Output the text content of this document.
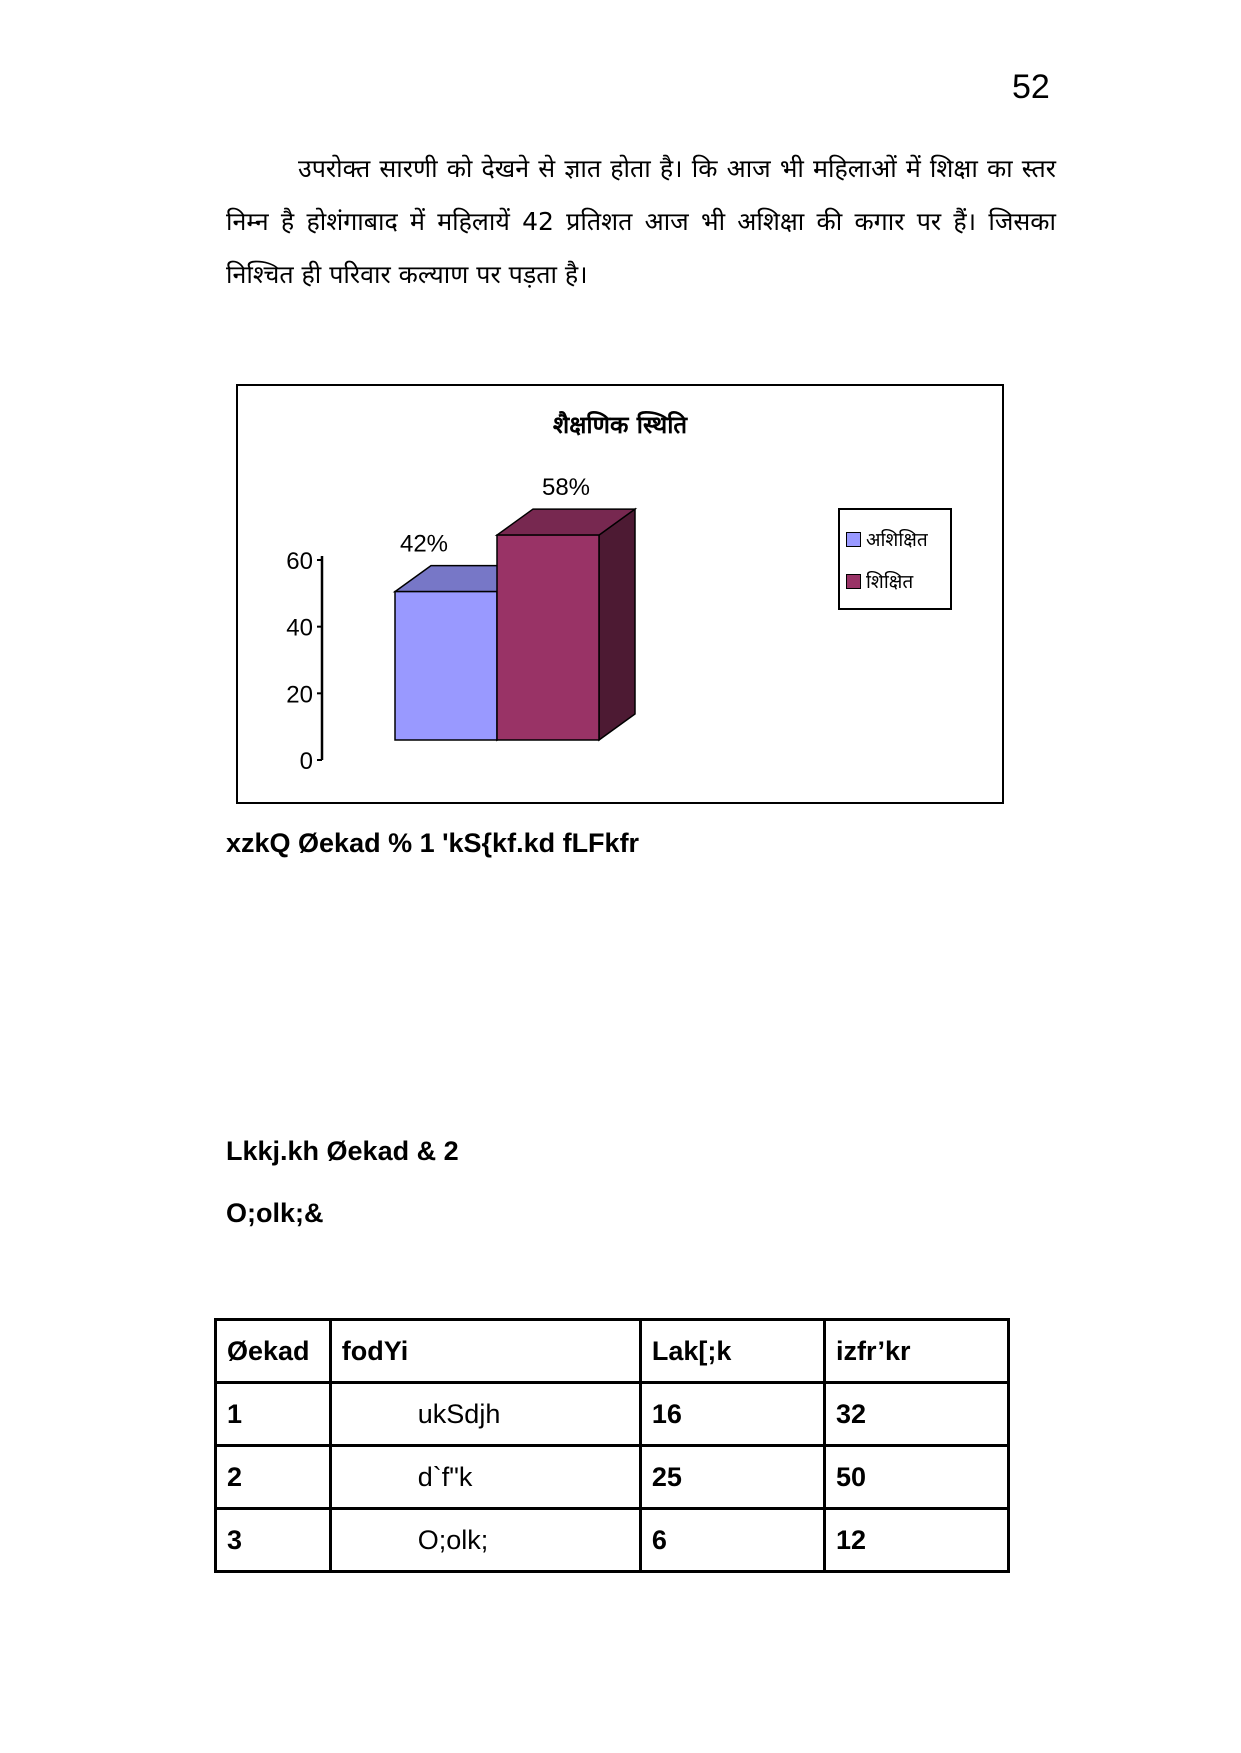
52

उपरोक्त सारणी को देखने से ज्ञात होता है। कि आज भी महिलाओं में शिक्षा का स्तर निम्न है होशंगाबाद में महिलायें 42 प्रतिशत आज भी अशिक्षा की कगार पर हैं। जिसका निश्चित ही परिवार कल्याण पर पड़ता है।

शैक्षणिक स्थिति
0
20
40
60
42%
58%
अशिक्षित
शिक्षित
xzkQ Øekad % 1 'kS{kf.kd fLFkfr
Lkkj.kh Øekad & 2
O;olk;&
Øekad	fodYi	Lak[;k	izfr’kr
1	ukSdjh	16	32
2	d`f"k	25	50
3	O;olk;	6	12
